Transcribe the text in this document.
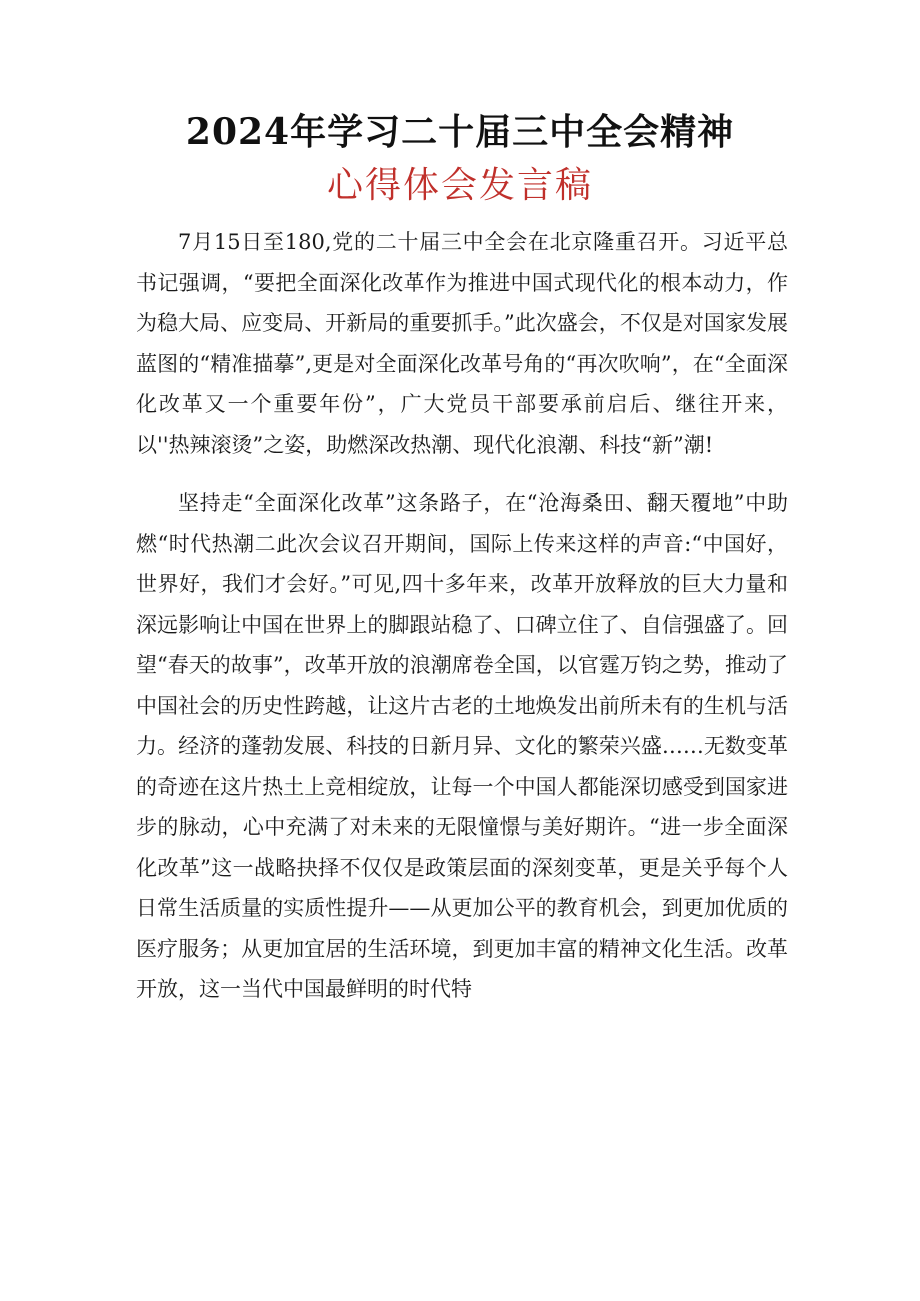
2024年学习二十届三中全会精神
心得体会发言稿

7月15日至180,党的二十届三中全会在北京隆重召开。习近平总书记强调，“要把全面深化改革作为推进中国式现代化的根本动力，作为稳大局、应变局、开新局的重要抓手。”此次盛会，不仅是对国家发展蓝图的“精准描摹”,更是对全面深化改革号角的“再次吹响”，在“全面深化改革又一个重要年份”，广大党员干部要承前启后、继往开来，以''热辣滚烫”之姿，助燃深改热潮、现代化浪潮、科技“新”潮!

坚持走“全面深化改革”这条路子，在“沧海桑田、翻天覆地”中助燃“时代热潮二此次会议召开期间，国际上传来这样的声音:“中国好，世界好，我们才会好。”可见,四十多年来，改革开放释放的巨大力量和深远影响让中国在世界上的脚跟站稳了、口碑立住了、自信强盛了。回望“春天的故事”，改革开放的浪潮席卷全国，以官霆万钧之势，推动了中国社会的历史性跨越，让这片古老的土地焕发出前所未有的生机与活力。经济的蓬勃发展、科技的日新月异、文化的繁荣兴盛……无数变革的奇迹在这片热土上竞相绽放，让每一个中国人都能深切感受到国家进步的脉动，心中充满了对未来的无限憧憬与美好期许。“进一步全面深化改革”这一战略抉择不仅仅是政策层面的深刻变革，更是关乎每个人日常生活质量的实质性提升——从更加公平的教育机会，到更加优质的医疗服务；从更加宜居的生活环境，到更加丰富的精神文化生活。改革开放，这一当代中国最鲜明的时代特
